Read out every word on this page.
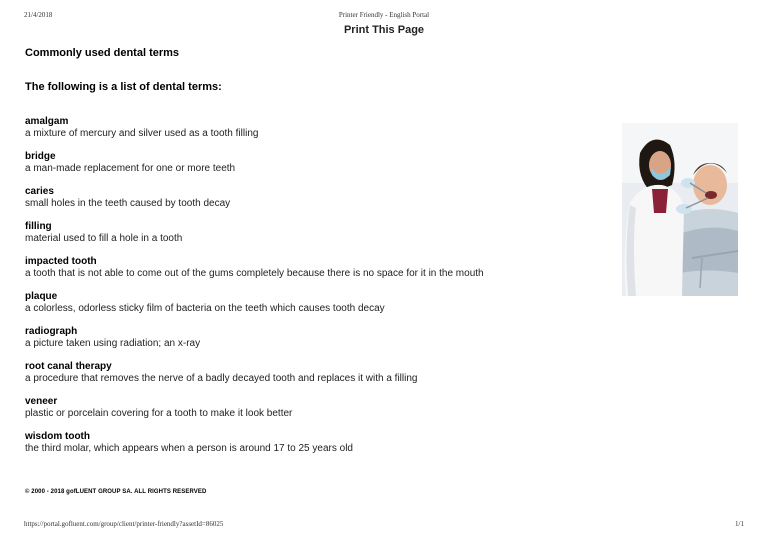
21/4/2018	Printer Friendly - English Portal
Print This Page
Commonly used dental terms
The following is a list of dental terms:
amalgam
a mixture of mercury and silver used as a tooth filling
bridge
a man-made replacement for one or more teeth
caries
small holes in the teeth caused by tooth decay
filling
material used to fill a hole in a tooth
impacted tooth
a tooth that is not able to come out of the gums completely because there is no space for it in the mouth
plaque
a colorless, odorless sticky film of bacteria on the teeth which causes tooth decay
radiograph
a picture taken using radiation; an x-ray
root canal therapy
a procedure that removes the nerve of a badly decayed tooth and replaces it with a filling
veneer
plastic or porcelain covering for a tooth to make it look better
wisdom tooth
the third molar, which appears when a person is around 17 to 25 years old
© 2000 - 2018 gofLUENT GROUP SA. ALL RIGHTS RESERVED
https://portal.gofluent.com/group/client/printer-friendly?assetId=86025	1/1
